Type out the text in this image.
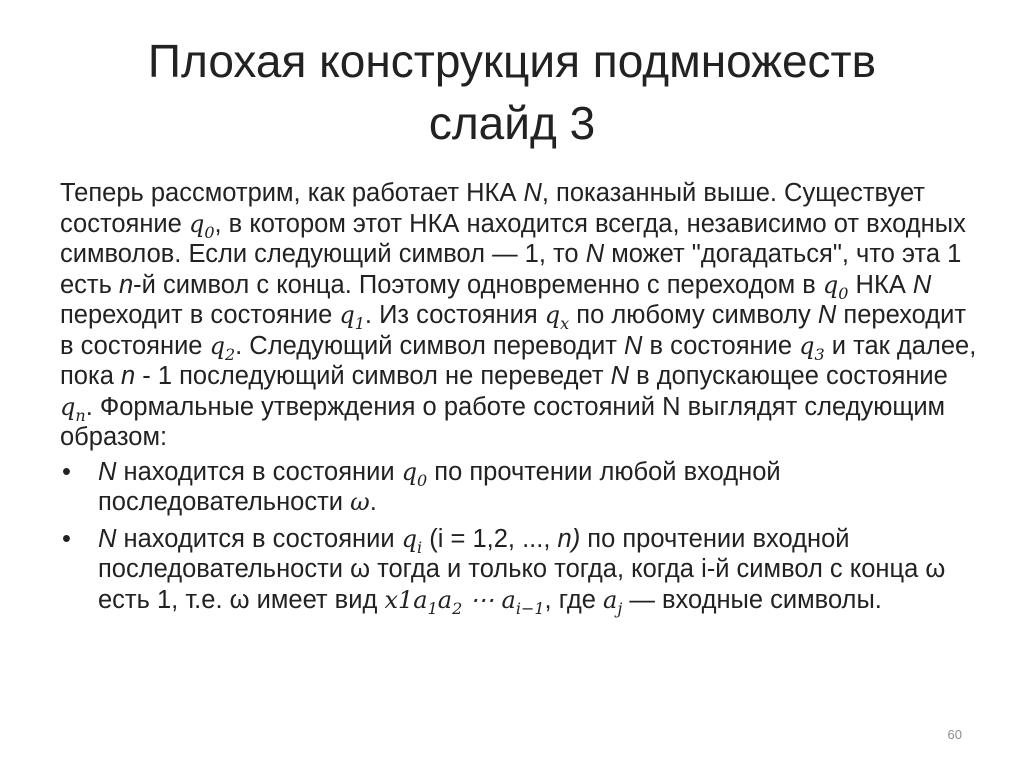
Плохая конструкция подмножеств
слайд 3

Теперь рассмотрим, как работает НКА N, показанный выше. Существует состояние $q_0$, в котором этот НКА находится всегда, независимо от входных символов. Если следующий символ — 1, то N может "догадаться", что эта 1 есть n-й символ с конца. Поэтому одновременно с переходом в $q_0$ НКА N переходит в состояние $q_1$. Из состояния $q_x$ по любому символу N переходит в состояние $q_2$. Следующий символ переводит N в состояние $q_3$ и так далее, пока n - 1 последующий символ не переведет N в допускающее состояние $q_n$. Формальные утверждения о работе состояний N выглядят следующим образом:

• N находится в состоянии $q_0$ по прочтении любой входной последовательности ω.
• N находится в состоянии $q_i$ (i = 1,2, ..., n) по прочтении входной последовательности ω тогда и только тогда, когда i-й символ с конца ω есть 1, т.е. ω имеет вид $x1a_1a_2$ ⋯ $a_{i-1}$, где $a_j$ — входные символы.
60
